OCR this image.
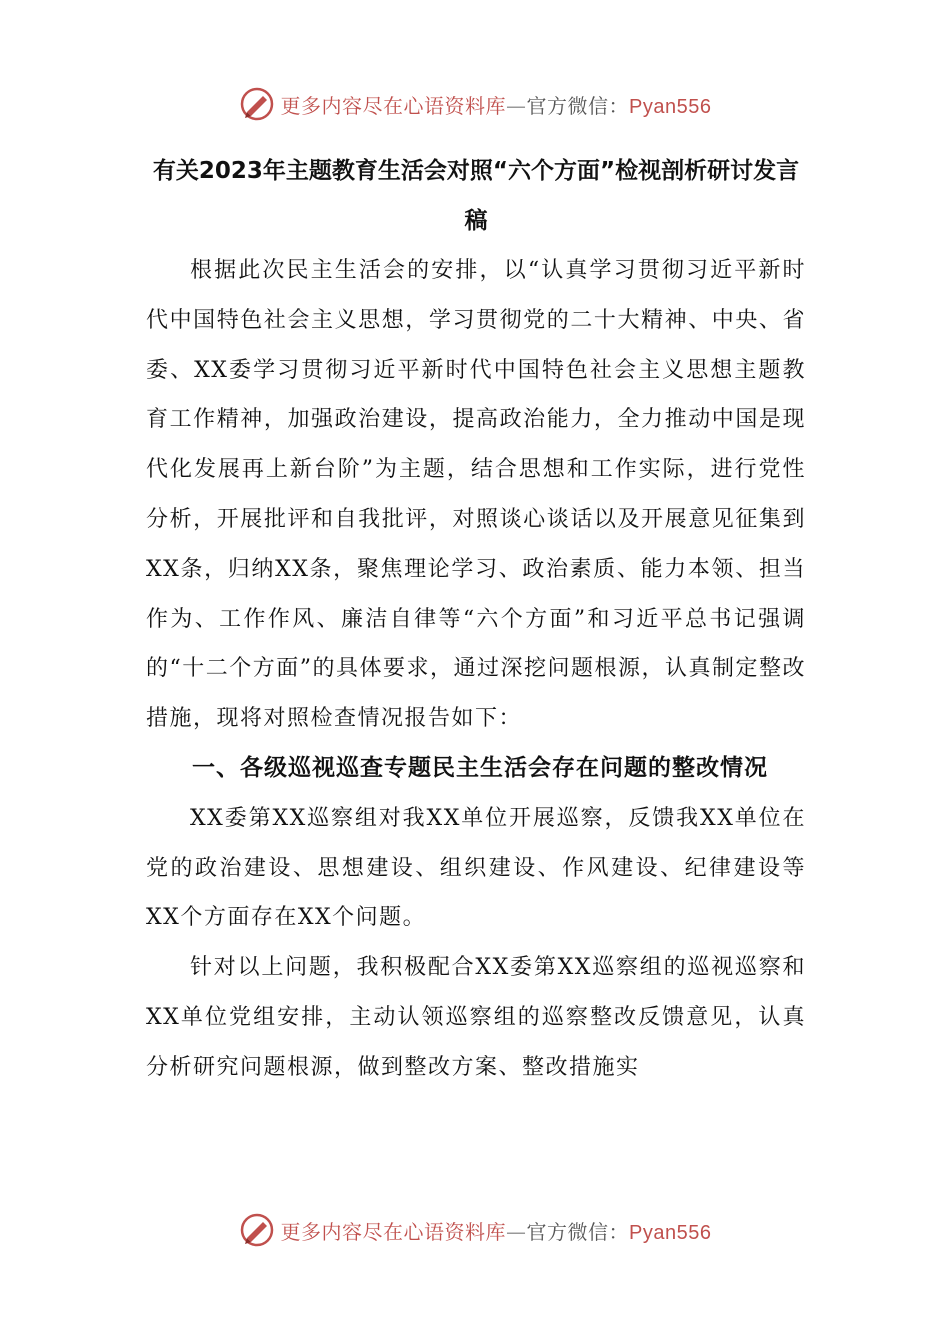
更多内容尽在心语资料库—官方微信：Pyan556

有关2023年主题教育生活会对照“六个方面”检视剖析研讨发言稿

根据此次民主生活会的安排，以“认真学习贯彻习近平新时代中国特色社会主义思想，学习贯彻党的二十大精神、中央、省委、XX委学习贯彻习近平新时代中国特色社会主义思想主题教育工作精神，加强政治建设，提高政治能力，全力推动中国是现代化发展再上新台阶”为主题，结合思想和工作实际，进行党性分析，开展批评和自我批评，对照谈心谈话以及开展意见征集到XX条，归纳XX条，聚焦理论学习、政治素质、能力本领、担当作为、工作作风、廉洁自律等“六个方面”和习近平总书记强调的“十二个方面”的具体要求，通过深挖问题根源，认真制定整改措施，现将对照检查情况报告如下：

一、各级巡视巡查专题民主生活会存在问题的整改情况

XX委第XX巡察组对我XX单位开展巡察，反馈我XX单位在党的政治建设、思想建设、组织建设、作风建设、纪律建设等XX个方面存在XX个问题。

针对以上问题，我积极配合XX委第XX巡察组的巡视巡察和XX单位党组安排，主动认领巡察组的巡察整改反馈意见，认真分析研究问题根源，做到整改方案、整改措施实

更多内容尽在心语资料库—官方微信：Pyan556
